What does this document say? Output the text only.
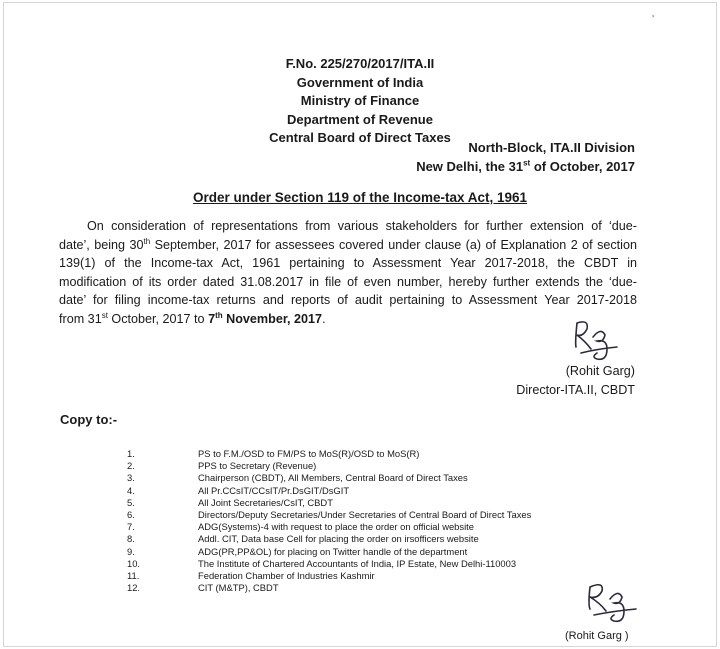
⸗
F.No. 225/270/2017/ITA.II
Government of India
Ministry of Finance
Department of Revenue
Central Board of Direct Taxes
North-Block, ITA.II Division
New Delhi, the 31st of October, 2017
Order under Section 119 of the Income-tax Act, 1961
On consideration of representations from various stakeholders for further extension of ‘due-
date’, being 30th September, 2017 for assessees covered under clause (a) of Explanation 2 of section
139(1) of the Income-tax Act, 1961 pertaining to Assessment Year 2017-2018, the CBDT in
modification of its order dated 31.08.2017 in file of even number, hereby further extends the ‘due-
date’ for filing income-tax returns and reports of audit pertaining to Assessment Year 2017-2018
from 31st October, 2017 to 7th November, 2017.
(Rohit Garg)
Director-ITA.II, CBDT
Copy to:-
1.	PS to F.M./OSD to FM/PS to MoS(R)/OSD to MoS(R)
2.	PPS to Secretary (Revenue)
3.	Chairperson (CBDT), All Members, Central Board of Direct Taxes
4.	All Pr.CCsIT/CCsIT/Pr.DsGIT/DsGIT
5.	All Joint Secretaries/CsIT, CBDT
6.	Directors/Deputy Secretaries/Under Secretaries of Central Board of Direct Taxes
7.	ADG(Systems)-4 with request to place the order on official website
8.	Addl. CIT, Data base Cell for placing the order on irsofficers website
9.	ADG(PR,PP&OL) for placing on Twitter handle of the department
10.	The Institute of Chartered Accountants of India, IP Estate, New Delhi-110003
11.	Federation Chamber of Industries Kashmir
12.	CIT (M&TP), CBDT
(Rohit Garg )
